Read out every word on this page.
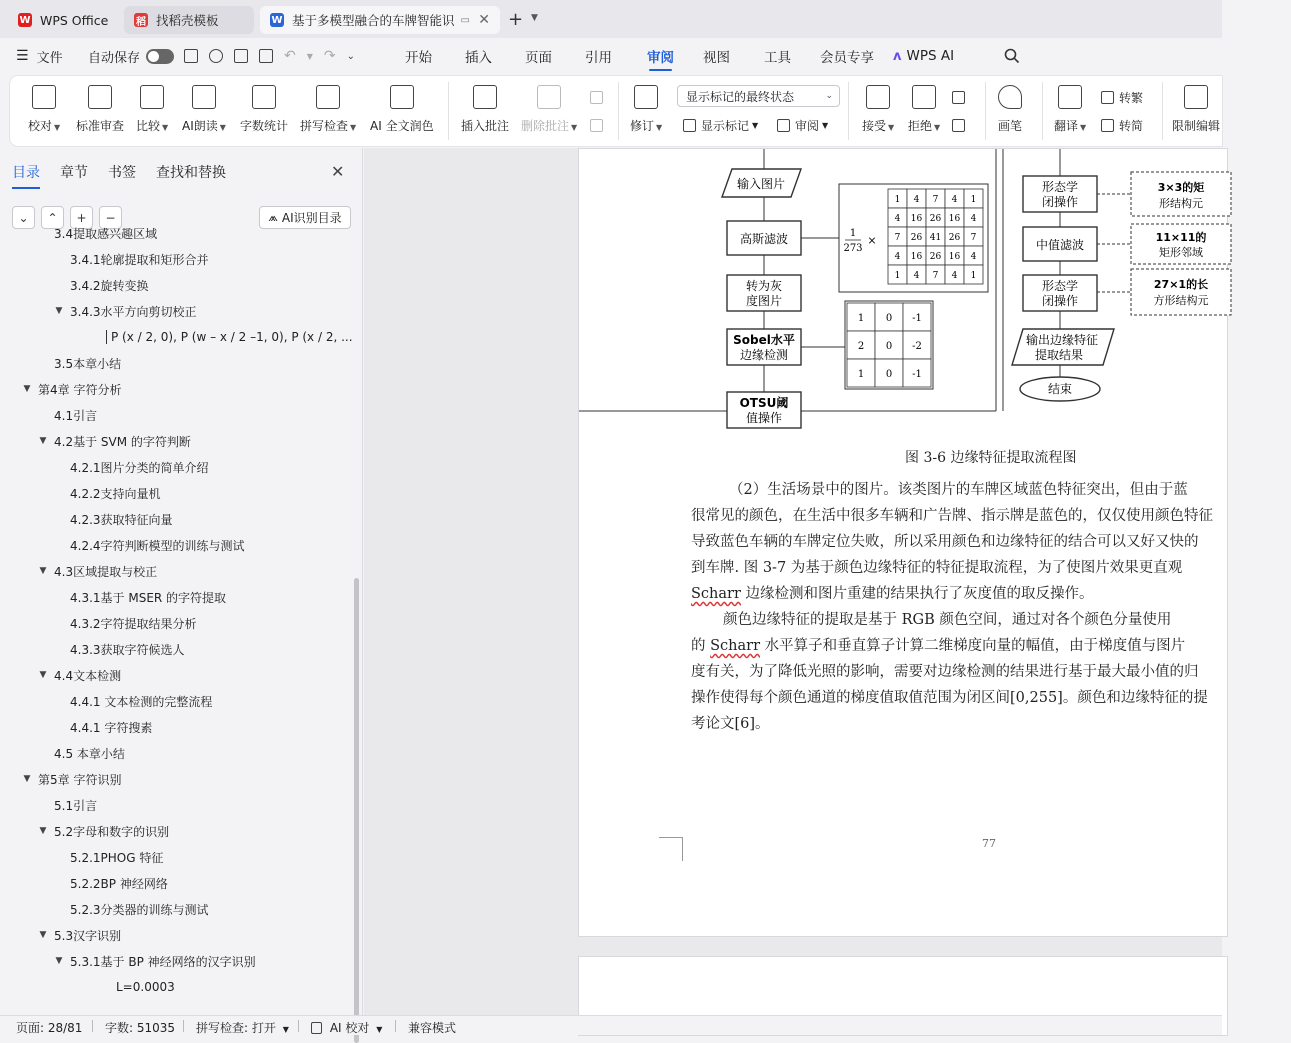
W WPS Office	稻 找稻壳模板	W 基于多模型融合的车牌智能识 ▭ ✕ + ▼
☰ 文件 自动保存	↶ ▼ ↷ ⌄	开始 插入 页面 引用	审阅 视图	工具 会员专享 ʌ WPS AI
校对 ▼ 标准审查 比较 ▼ AI朗读 ▼ 字数统计 拼写检查 ▼ AI 全文润色 插入批注 删除批注 ▼	修订 ▼
显示标记的最终状态	⌄
显示标记 ▼	审阅 ▼	接受 ▼ 拒绝 ▼	画笔	翻译 ▼
转繁
转简 限制编辑
目录 章节 书签 查找和替换	✕
⌄ ⌃ + −	⩕ AI识别目录
3.4提取感兴趣区域
3.4.1轮廓提取和矩形合并
3.4.2旋转变换
▼ 3.4.3水平方向剪切校正
P (x / 2, 0), P (w – x / 2 –1, 0), P (x / 2, ...
3.5本章小结
▼ 第4章 字符分析
4.1引言
▼ 4.2基于 SVM 的字符判断
4.2.1图片分类的简单介绍
4.2.2支持向量机
4.2.3获取特征向量
4.2.4字符判断模型的训练与测试
▼ 4.3区域提取与校正
4.3.1基于 MSER 的字符提取
4.3.2字符提取结果分析
4.3.3获取字符候选人
▼ 4.4文本检测
4.4.1 文本检测的完整流程
4.4.1 字符搜素
4.5 本章小结
▼ 第5章 字符识别
5.1引言
▼ 5.2字母和数字的识别
5.2.1PHOG 特征
5.2.2BP 神经网络
5.2.3分类器的训练与测试
▼ 5.3汉字识别
▼ 5.3.1基于 BP 神经网络的汉字识别
L=0.0003
输入图片
高斯滤波
转为灰
度图片
Sobel水平
边缘检测
OTSU阈
值操作
1
273
×
1 4 7 4 1
4 16 26 16 4
7 26 41 26 7
4 16 26 16 4
1 4 7 4 1
1 0 -1
2 0 -2
1 0 -1
形态学
闭操作
中值滤波
形态学
闭操作
输出边缘特征
提取结果
结束
3×3的矩
形结构元
11×11的
矩形邻域
27×1的长
方形结构元
图 3-6 边缘特征提取流程图
（2）生活场景中的图片。该类图片的车牌区域蓝色特征突出，但由于蓝
很常见的颜色，在生活中很多车辆和广告牌、指示牌是蓝色的，仅仅使用颜色特征
导致蓝色车辆的车牌定位失败，所以采用颜色和边缘特征的结合可以又好又快的
到车牌. 图 3-7 为基于颜色边缘特征的特征提取流程，为了使图片效果更直观
Scharr 边缘检测和图片重建的结果执行了灰度值的取反操作。
颜色边缘特征的提取是基于 RGB 颜色空间，通过对各个颜色分量使用
的 Scharr 水平算子和垂直算子计算二维梯度向量的幅值，由于梯度值与图片
度有关，为了降低光照的影响，需要对边缘检测的结果进行基于最大最小值的归
操作使得每个颜色通道的梯度值取值范围为闭区间[0,255]。颜色和边缘特征的提
考论文[6]。
77
页面: 28/81 字数: 51035 拼写检查: 打开 ▼	AI 校对 ▼ 兼容模式
